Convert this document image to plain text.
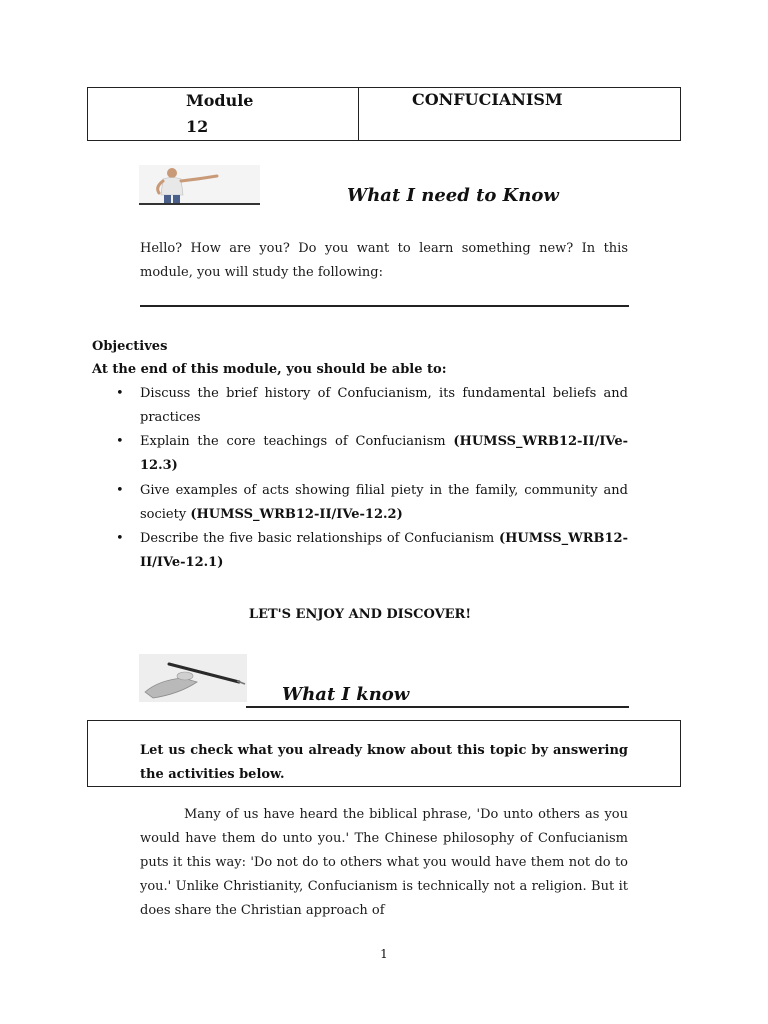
Module
12
CONFUCIANISM
What I need to Know
Hello? How are you? Do you want to learn something new? In this module, you will study the following:
Objectives
At the end of this module, you should be able to:
• Discuss the brief history of Confucianism, its fundamental beliefs and practices
• Explain the core teachings of Confucianism (HUMSS_WRB12-II/IVe-12.3)
• Give examples of acts showing filial piety in the family, community and society (HUMSS_WRB12-II/IVe-12.2)
• Describe the five basic relationships of Confucianism (HUMSS_WRB12-II/IVe-12.1)
LET'S ENJOY AND DISCOVER!
What I know
Let us check what you already know about this topic by answering the activities below.
Many of us have heard the biblical phrase, 'Do unto others as you would have them do unto you.' The Chinese philosophy of Confucianism puts it this way: 'Do not do to others what you would have them not do to you.' Unlike Christianity, Confucianism is technically not a religion. But it does share the Christian approach of
1
